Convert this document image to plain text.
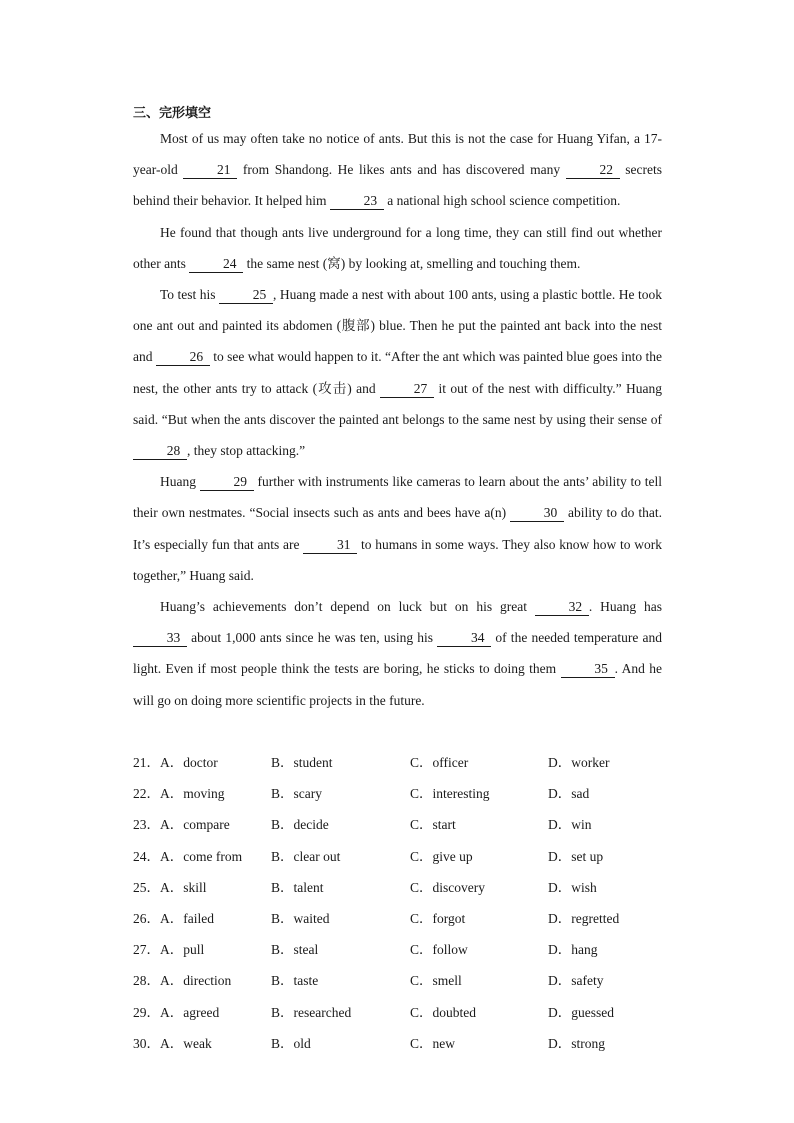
三、完形填空

Most of us may often take no notice of ants. But this is not the case for Huang Yifan, a 17-year-old	21 from Shandong. He likes ants and has discovered many	22 secrets behind their behavior. It helped him	23 a national high school science competition.

He found that though ants live underground for a long time, they can still find out whether other ants	24 the same nest (窝) by looking at, smelling and touching them.

To test his	25 , Huang made a nest with about 100 ants, using a plastic bottle. He took one ant out and painted its abdomen (腹部) blue. Then he put the painted ant back into the nest and	26 to see what would happen to it. “After the ant which was painted blue goes into the nest, the other ants try to attack (攻击) and	27 it out of the nest with difficulty.” Huang said. “But when the ants discover the painted ant belongs to the same nest by using their sense of 28 , they stop attacking.”

Huang	29 further with instruments like cameras to learn about the ants’ ability to tell their own nestmates. “Social insects such as ants and bees have a(n)	30 ability to do that. It’s especially fun that ants are	31 to humans in some ways. They also know how to work together,” Huang said.

Huang’s achievements don’t depend on luck but on his great	32 . Huang has 33 about 1,000 ants since he was ten, using his	34 of the needed temperature and light. Even if most people think the tests are boring, he sticks to doing them	35 . And he will go on doing more scientific projects in the future.

21．A．doctor	B．student	C．officer	D．worker
22．A．moving	B．scary	C．interesting	D．sad
23．A．compare	B．decide	C．start	D．win
24．A．come from B．clear out	C．give up	D．set up
25．A．skill	B．talent	C．discovery	D．wish
26．A．failed	B．waited	C．forgot	D．regretted
27．A．pull	B．steal	C．follow	D．hang
28．A．direction	B．taste	C．smell	D．safety
29．A．agreed	B．researched	C．doubted	D．guessed
30．A．weak	B．old	C．new	D．strong
